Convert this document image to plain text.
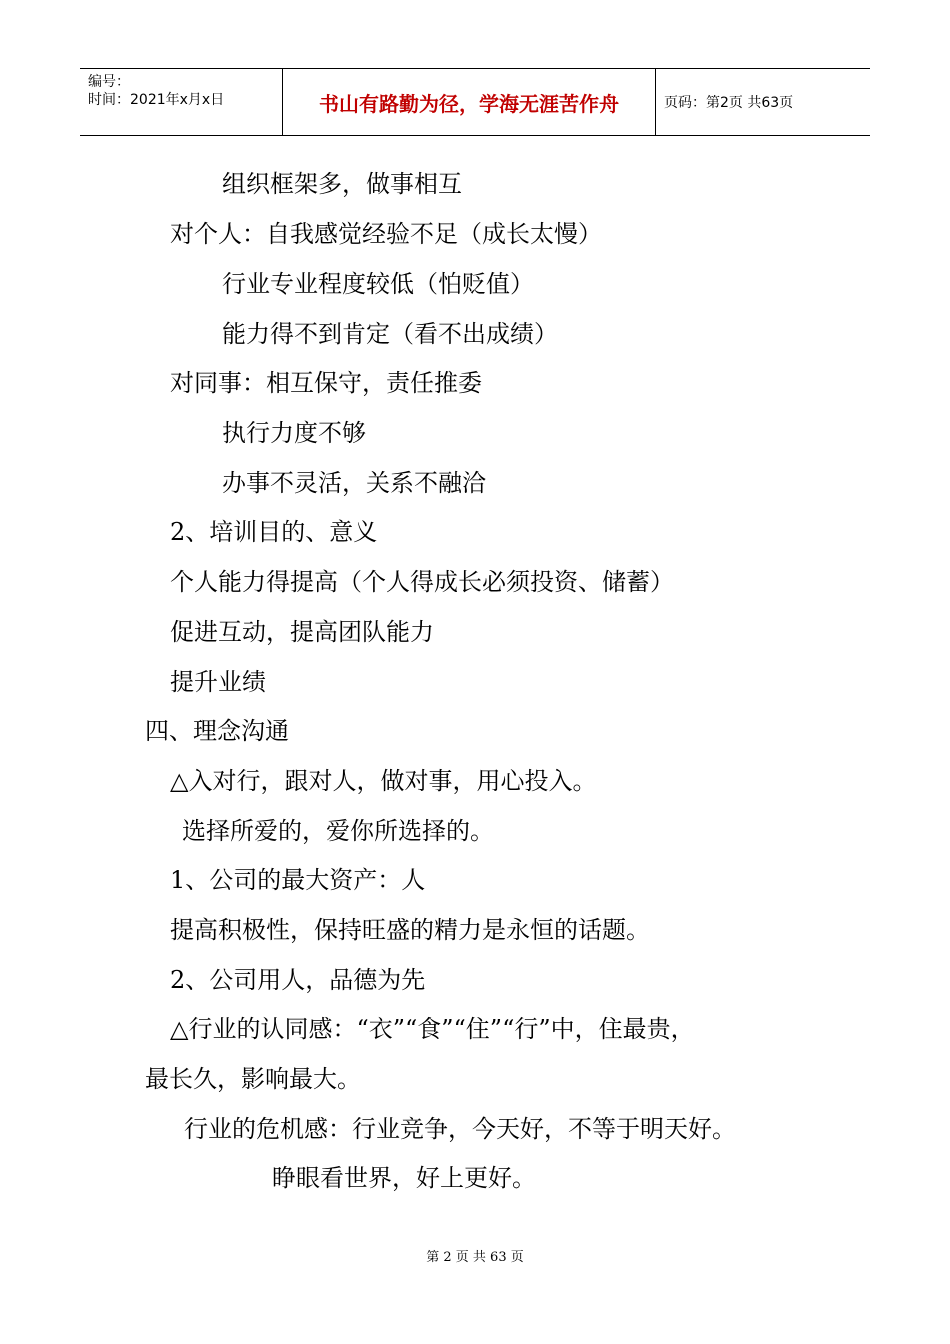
编号：
时间：2021年x月x日	书山有路勤为径，学海无涯苦作舟	页码：第2页 共63页
组织框架多，做事相互
对个人：自我感觉经验不足（成长太慢）
行业专业程度较低（怕贬值）
能力得不到肯定（看不出成绩）
对同事：相互保守，责任推委
执行力度不够
办事不灵活，关系不融洽
2、培训目的、意义
个人能力得提高（个人得成长必须投资、储蓄）
促进互动，提高团队能力
提升业绩
四、理念沟通
△入对行，跟对人，做对事，用心投入。
选择所爱的，爱你所选择的。
1、公司的最大资产：人
提高积极性，保持旺盛的精力是永恒的话题。
2、公司用人，品德为先
△行业的认同感：“衣”“食”“住”“行”中，住最贵，
最长久，影响最大。
行业的危机感：行业竞争，今天好，不等于明天好。
睁眼看世界，好上更好。
第 2 页 共 63 页
